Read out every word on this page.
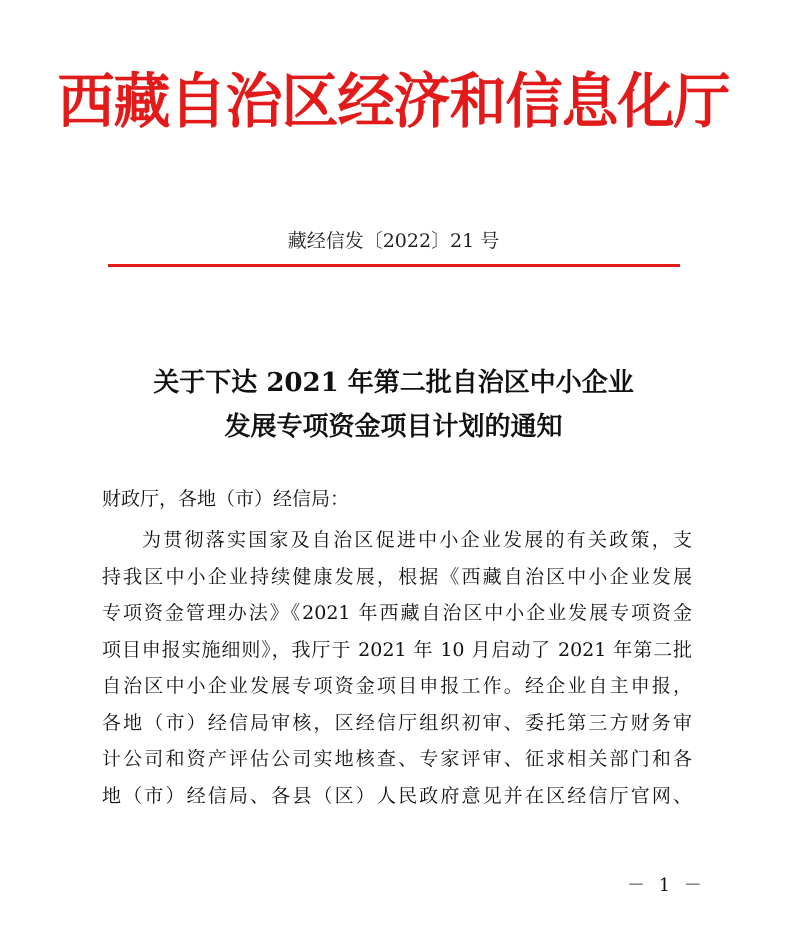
西藏自治区经济和信息化厅
藏经信发〔2022〕21 号
关于下达 2021 年第二批自治区中小企业
发展专项资金项目计划的通知
财政厅，各地（市）经信局：
为贯彻落实国家及自治区促进中小企业发展的有关政策，支
持我区中小企业持续健康发展，根据《西藏自治区中小企业发展
专项资金管理办法》《2021 年西藏自治区中小企业发展专项资金
项目申报实施细则》，我厅于 2021 年 10 月启动了 2021 年第二批
自治区中小企业发展专项资金项目申报工作。经企业自主申报，
各地（市）经信局审核，区经信厅组织初审、委托第三方财务审
计公司和资产评估公司实地核查、专家评审、征求相关部门和各
地（市）经信局、各县（区）人民政府意见并在区经信厅官网、
－ 1 －
